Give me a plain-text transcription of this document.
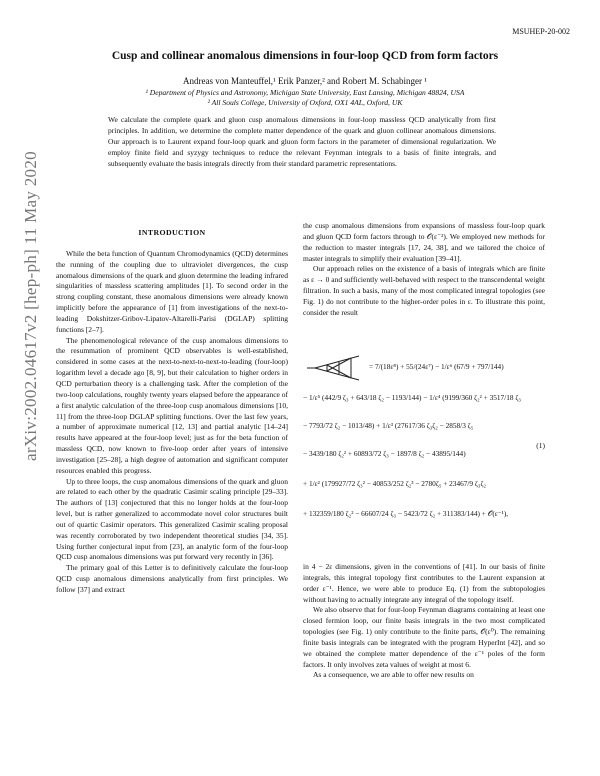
MSUHEP-20-002
arXiv:2002.04617v2 [hep-ph] 11 May 2020
Cusp and collinear anomalous dimensions in four-loop QCD from form factors
Andreas von Manteuffel,¹ Erik Panzer,² and Robert M. Schabinger ¹
¹ Department of Physics and Astronomy, Michigan State University, East Lansing, Michigan 48824, USA
² All Souls College, University of Oxford, OX1 4AL, Oxford, UK
We calculate the complete quark and gluon cusp anomalous dimensions in four-loop massless QCD analytically from first principles. In addition, we determine the complete matter dependence of the quark and gluon collinear anomalous dimensions. Our approach is to Laurent expand four-loop quark and gluon form factors in the parameter of dimensional regularization. We employ finite field and syzygy techniques to reduce the relevant Feynman integrals to a basis of finite integrals, and subsequently evaluate the basis integrals directly from their standard parametric representations.
INTRODUCTION

While the beta function of Quantum Chromodynamics (QCD) determines the running of the coupling due to ultraviolet divergences, the cusp anomalous dimensions of the quark and gluon determine the leading infrared singularities of massless scattering amplitudes [1]. To second order in the strong coupling constant, these anomalous dimensions were already known implicitly before the appearance of [1] from investigations of the next-to-leading Dokshitzer-Gribov-Lipatov-Altarelli-Parisi (DGLAP) splitting functions [2–7].

The phenomenological relevance of the cusp anomalous dimensions to the resummation of prominent QCD observables is well-established, considered in some cases at the next-to-next-to-next-to-leading (four-loop) logarithm level a decade ago [8, 9], but their calculation to higher orders in QCD perturbation theory is a challenging task. After the completion of the two-loop calculations, roughly twenty years elapsed before the appearance of a first analytic calculation of the three-loop cusp anomalous dimensions [10, 11] from the three-loop DGLAP splitting functions. Over the last few years, a number of approximate numerical [12, 13] and partial analytic [14–24] results have appeared at the four-loop level; just as for the beta function of massless QCD, now known to five-loop order after years of intensive investigation [25–28], a high degree of automation and significant computer resources enabled this progress.

Up to three loops, the cusp anomalous dimensions of the quark and gluon are related to each other by the quadratic Casimir scaling principle [29–33]. The authors of [13] conjectured that this no longer holds at the four-loop level, but is rather generalized to accommodate novel color structures built out of quartic Casimir operators. This generalized Casimir scaling proposal was recently corroborated by two independent theoretical studies [34, 35]. Using further conjectural input from [23], an analytic form of the four-loop QCD cusp anomalous dimensions was put forward very recently in [36].

The primary goal of this Letter is to definitively calculate the four-loop QCD cusp anomalous dimensions analytically from first principles. We follow [37] and extract

the cusp anomalous dimensions from expansions of massless four-loop quark and gluon QCD form factors through to 𝒪(ε⁻²). We employed new methods for the reduction to master integrals [17, 24, 38], and we tailored the choice of master integrals to simplify their evaluation [39–41].

Our approach relies on the existence of a basis of integrals which are finite as ε → 0 and sufficiently well-behaved with respect to the transcendental weight filtration. In such a basis, many of the most complicated integral topologies (see Fig. 1) do not contribute to the higher-order poles in ε. To illustrate this point, consider the result

= 7/(18ε⁸) + 55/(24ε⁷) − 1/ε⁶ (67/9 + 797/144)
− 1/ε⁵ (442/9 ζ₃ + 643/18 ζ₂ − 1193/144) − 1/ε⁴ (9199/360 ζ₂² + 3517/18 ζ₃
− 7793/72 ζ₂ − 1013/48) + 1/ε³ (27617/36 ζ₃ζ₂ − 2858/3 ζ₅
− 3439/180 ζ₂² + 60893/72 ζ₃ − 1897/8 ζ₂ − 43895/144)
+ 1/ε² (179927/72 ζ₃² − 40853/252 ζ₂³ − 2780ζ₅ + 23467/9 ζ₃ζ₂
+ 132359/180 ζ₂² − 66607/24 ζ₃ − 5423/72 ζ₂ + 311383/144) + 𝒪(ε⁻¹),
(1)

in 4 − 2ε dimensions, given in the conventions of [41]. In our basis of finite integrals, this integral topology first contributes to the Laurent expansion at order ε⁻¹. Hence, we were able to produce Eq. (1) from the subtopologies without having to actually integrate any integral of the topology itself.

We also observe that for four-loop Feynman diagrams containing at least one closed fermion loop, our finite basis integrals in the two most complicated topologies (see Fig. 1) only contribute to the finite parts, 𝒪(ε⁰). The remaining finite basis integrals can be integrated with the program HyperInt [42], and so we obtained the complete matter dependence of the ε⁻¹ poles of the form factors. It only involves zeta values of weight at most 6.

As a consequence, we are able to offer new results on
